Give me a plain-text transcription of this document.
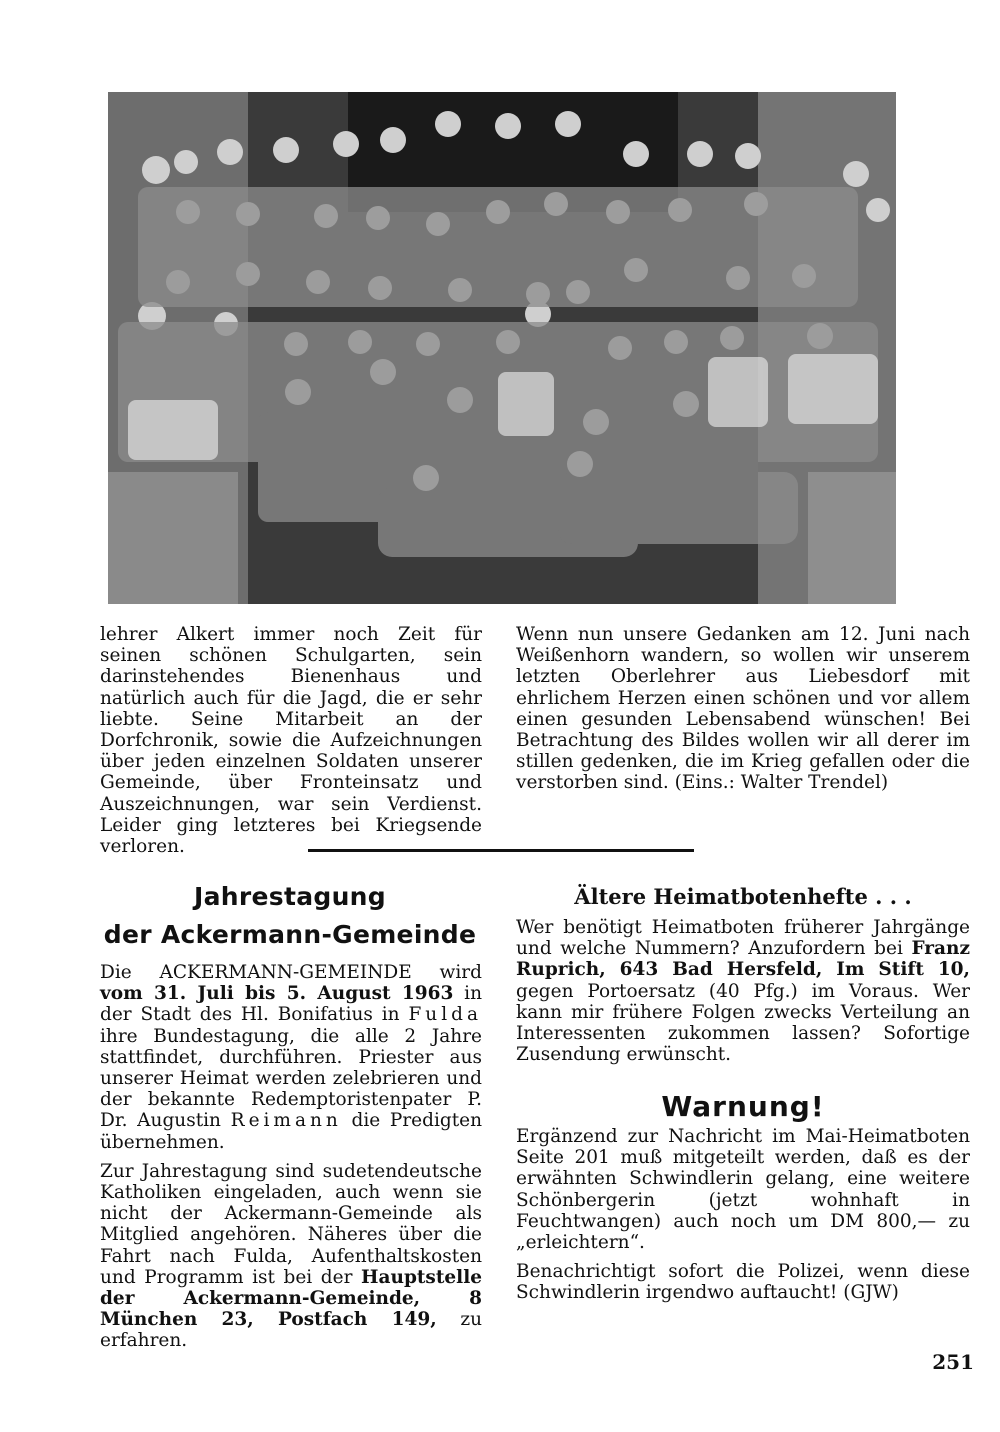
lehrer Alkert immer noch Zeit für seinen schönen Schulgarten, sein darinstehendes Bienenhaus und natürlich auch für die Jagd, die er sehr liebte. Seine Mitarbeit an der Dorfchronik, sowie die Aufzeichnungen über jeden einzelnen Soldaten unserer Gemeinde, über Fronteinsatz und Auszeichnungen, war sein Verdienst. Leider ging letzteres bei Kriegsende verloren.

Wenn nun unsere Gedanken am 12. Juni nach Weißenhorn wandern, so wollen wir unserem letzten Oberlehrer aus Liebesdorf mit ehrlichem Herzen einen schönen und vor allem einen gesunden Lebensabend wünschen! Bei Betrachtung des Bildes wollen wir all derer im stillen gedenken, die im Krieg gefallen oder die verstorben sind. (Eins.: Walter Trendel)

Jahrestagung
der Ackermann-Gemeinde

Die ACKERMANN-GEMEINDE wird vom 31. Juli bis 5. August 1963 in der Stadt des Hl. Bonifatius in Fulda ihre Bundestagung, die alle 2 Jahre stattfindet, durchführen. Priester aus unserer Heimat werden zelebrieren und der bekannte Redemptoristenpater P. Dr. Augustin Reimann die Predigten übernehmen.

Zur Jahrestagung sind sudetendeutsche Katholiken eingeladen, auch wenn sie nicht der Ackermann-Gemeinde als Mitglied angehören. Näheres über die Fahrt nach Fulda, Aufenthaltskosten und Programm ist bei der Hauptstelle der Ackermann-Gemeinde, 8 München 23, Postfach 149, zu erfahren.

Ältere Heimatbotenhefte . . .

Wer benötigt Heimatboten früherer Jahrgänge und welche Nummern? Anzufordern bei Franz Ruprich, 643 Bad Hersfeld, Im Stift 10, gegen Portoersatz (40 Pfg.) im Voraus. Wer kann mir frühere Folgen zwecks Verteilung an Interessenten zukommen lassen? Sofortige Zusendung erwünscht.

Warnung!

Ergänzend zur Nachricht im Mai-Heimatboten Seite 201 muß mitgeteilt werden, daß es der erwähnten Schwindlerin gelang, eine weitere Schönbergerin (jetzt wohnhaft in Feuchtwangen) auch noch um DM 800,— zu „erleichtern“.

Benachrichtigt sofort die Polizei, wenn diese Schwindlerin irgendwo auftaucht! (GJW)

251
